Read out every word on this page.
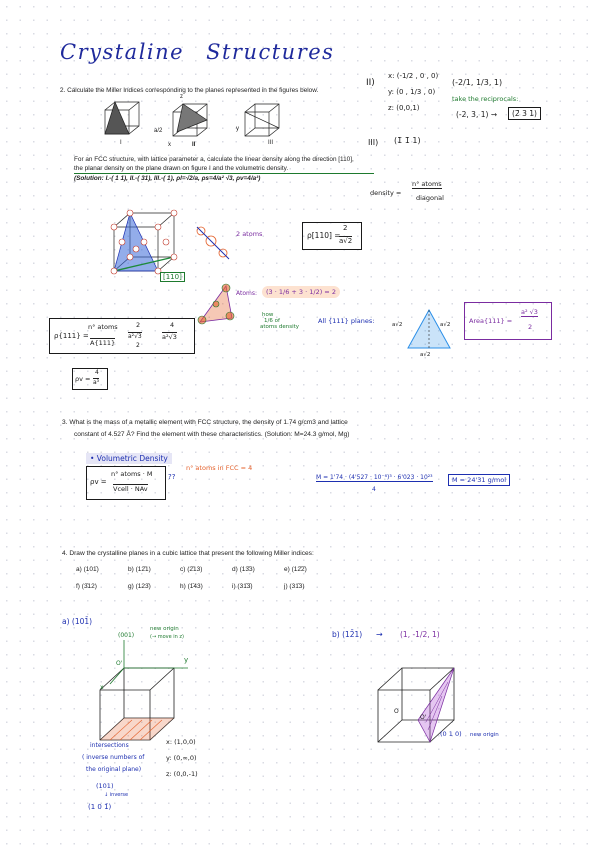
Crystaline Structures
2. Calculate the Miller Indices corresponding to the planes represented in the figures below.
z
a/2	y
x
I	II	III
For an FCC structure, with lattice parameter a, calculate the linear density along the direction [110],
the planar density on the plane drawn on figure I and the volumetric density.
(Solution: I.-( 1 1), II.-( 31), III.-( 1), ρl=√2/a, ρs=4/a² √3, ρv=4/a³)
II)
x: (-1/2 , 0 , 0)
y: (0 , 1/3 , 0)
z: (0,0,1)
(-2/1, 1/3, 1)
take the reciprocals:
(-2, 3, 1) →	(2̄ 3 1)
III) (1̄ 1̄ 1)
density =
n° atoms
diagonal
[110]
2 atoms	ρ[110] =
2
a√2
Atoms:	(3 · 1/6 + 3 · 1/2) = 2
how
1/6 of
atoms density
All {111} planes:	a√2	a√2
a√2
Area{111} =
a² √3
2
ρ{111} =
n° atoms
A{111}
2
a²√3
2
4
a²√3
ρv =
4
a³
3. What is the mass of a metallic element with FCC structure, the density of 1.74 g/cm3 and lattice
constant of 4.527 Å? Find the element with these characteristics. (Solution: M=24.3 g/mol, Mg)
• Volumetric Density
ρv =
n° atoms · M
Vcell · NAv
??
n° atoms in FCC = 4
M = 1'74 · (4'527 · 10⁻⁸)³ · 6'023 · 10²³
4
M = 24'31 g/mol
4. Draw the crystalline planes in a cubic lattice that present the following Miller indices:
a) (101̄)	b) (12̄1)	c) (2̄13)	d) (13̄3)	e) (12̄2̄)
f) (3̄12)	g) (123̄)	h) (1̄43)	i) (31̄3̄)	j) (31̄3)
a) (101̄)
(001)
new origin
(→ move in z)
O'	y
x
intersections
( inverse numbers of
the original plane)
x: (1,0,0)
y: (0,∞,0)
z: (0,0,-1)
(101)
↓ inverse
(1 0 1̄)
b) (12̄1) → (1, -1/2, 1)
O
O'
(0 1 0) new origin
